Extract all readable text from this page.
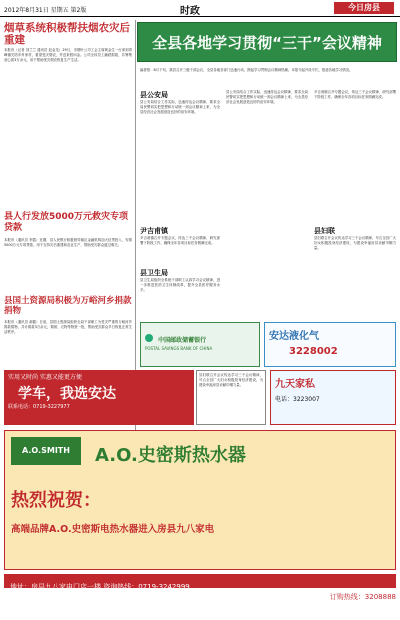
2012年8月31日 星期五 第2版	时政	今日房县
烟草系统积极帮扶烟农灾后重建
本报讯（记者 刘兰兰 通讯员 赵金龙）29日，市烟叶公司工会主席黄金生一行来到青峰镇关防乡肖家村，看望受灾烟农，并送来慰问金。公司全体员工踊跃捐款，共筹集爱心款3万余元，用于帮助受灾烟农恢复生产生活。
县人行发放5000万元救灾专项贷款
本报讯（通讯员 李霞）近期，县人民银行积极督导辖区金融机构加大信贷投入，安排5000万元专项贷款，用于支持灾后重建和农业生产，帮助受灾群众渡过难关。
县国土资源局积极为万峪河乡捐款捐物
本报讯（通讯员 郝健）日前，县国土资源局组织全局干部职工为受灾严重的万峪河乡捐款捐物，共计捐款3万余元，棉被、衣物等物资一批，帮助受灾群众早日恢复正常生活秩序。
全县各地学习贯彻“三干”会议精神
编者按：8月下旬，我县召开三级干部会议，全县各地各部门迅速行动，掀起学习贯彻会议精神热潮。本报今起开设专栏，报道各地学习情况。
县公安局
县公安局结合工作实际，迅速传达会议精神，要求全局民警切实把思想和行动统一到会议精神上来，为全县经济社会发展创造良好的治安环境。
尹吉甫镇
尹吉甫镇召开专题会议，传达三干会议精神，研究部署下阶段工作，确保全年各项目标任务圆满完成。
县卫生局
县卫生局组织全系统干部职工认真学习会议精神，进一步推进医药卫生体制改革，提升全县医疗服务水平。
县公安局结合工作实际，迅速传达会议精神，要求全局民警切实把思想和行动统一到会议精神上来，为全县经济社会发展创造良好的治安环境。
尹吉甫镇召开专题会议，传达三干会议精神，研究部署下阶段工作，确保全年各项目标任务圆满完成。
县妇联
县妇联召开会议传达学习三干会议精神，号召全县广大妇女积极投身经济建设，为建设幸福房县贡献巾帼力量。
中国邮政储蓄银行
POSTAL SAVINGS BANK OF CHINA
安达液化气
3228002
实用又时尚 实惠又能更方便
学车，我选安达
联系电话：0719-3227977
县妇联召开会议传达学习三干会议精神，号召全县广大妇女积极投身经济建设，为建设幸福房县贡献巾帼力量。	九天家私
电话：3223007
A.O.SMITH	A.O.史密斯热水器
热烈祝贺：
高端品牌A.O.史密斯电热水器进入房县九八家电
地址：房县九八家电门店一楼 咨询热线：0719-3242999
订购热线：3208888
